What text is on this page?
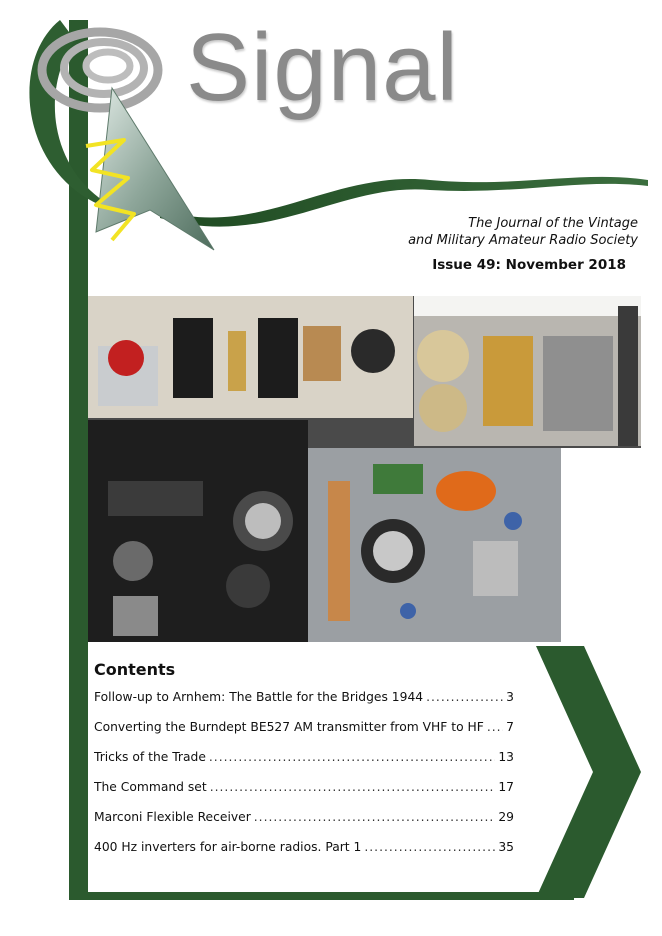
Signal
The Journal of the Vintage
and Military Amateur Radio Society
Issue 49: November 2018
Contents
Follow-up to Arnhem: The Battle for the Bridges 1944 .....	3
Converting the Burndept BE527 AM transmitter from VHF to HF ..... 7
Tricks of the Trade .....	13
The Command set .....	17
Marconi Flexible Receiver .....	29
400 Hz inverters for air-borne radios. Part 1 .....	35
